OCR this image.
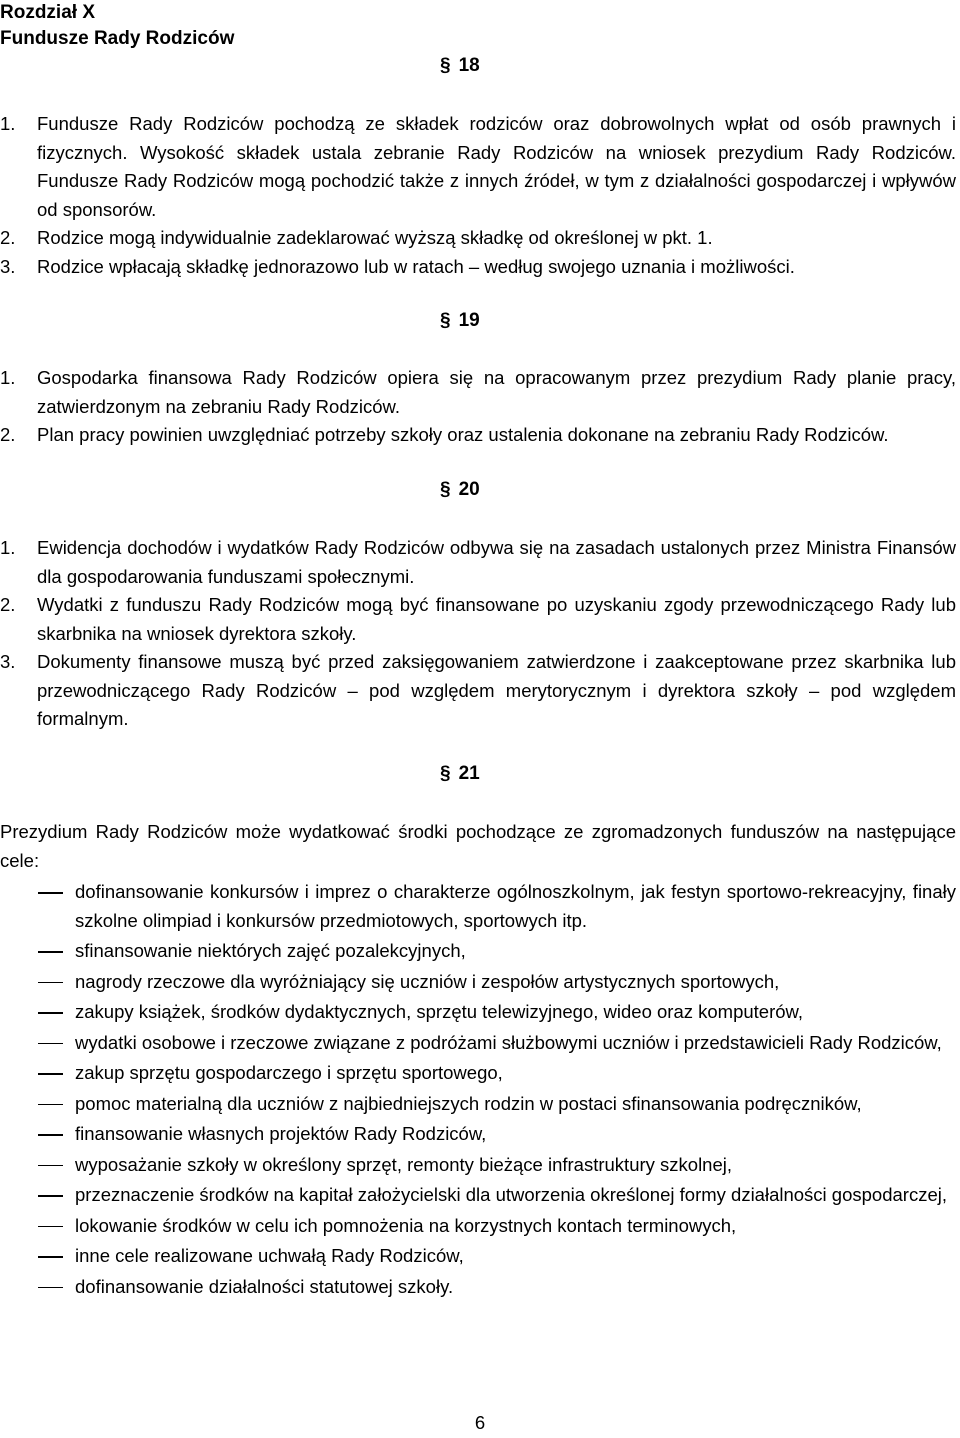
Rozdział X
Fundusze Rady Rodziców
§ 18
1.	Fundusze Rady Rodziców pochodzą ze składek rodziców oraz dobrowolnych wpłat od osób prawnych i fizycznych. Wysokość składek ustala zebranie Rady Rodziców na wniosek prezydium Rady Rodziców. Fundusze Rady Rodziców mogą pochodzić także z innych źródeł, w tym z działalności gospodarczej i wpływów od sponsorów.
2.	Rodzice mogą indywidualnie zadeklarować wyższą składkę od określonej w pkt. 1.
3.	Rodzice wpłacają składkę jednorazowo lub w ratach – według swojego uznania i możliwości.
§ 19
1.	Gospodarka finansowa Rady Rodziców opiera się na opracowanym przez prezydium Rady planie pracy, zatwierdzonym na zebraniu Rady Rodziców.
2.	Plan pracy powinien uwzględniać potrzeby szkoły oraz ustalenia dokonane na zebraniu Rady Rodziców.
§ 20
1.	Ewidencja dochodów i wydatków Rady Rodziców odbywa się na zasadach ustalonych przez Ministra Finansów dla gospodarowania funduszami społecznymi.
2.	Wydatki z funduszu Rady Rodziców mogą być finansowane po uzyskaniu zgody przewodniczącego Rady lub skarbnika na wniosek dyrektora szkoły.
3.	Dokumenty finansowe muszą być przed zaksięgowaniem zatwierdzone i zaakceptowane przez skarbnika lub przewodniczącego Rady Rodziców – pod względem merytorycznym i dyrektora szkoły – pod względem formalnym.
§ 21
Prezydium Rady Rodziców może wydatkować środki pochodzące ze zgromadzonych funduszów na następujące cele:
dofinansowanie konkursów i imprez o charakterze ogólnoszkolnym, jak festyn sportowo-rekreacyjny, finały szkolne olimpiad i konkursów przedmiotowych, sportowych itp.
sfinansowanie niektórych zajęć pozalekcyjnych,
nagrody rzeczowe dla wyróżniający się uczniów i zespołów artystycznych sportowych,
zakupy książek, środków dydaktycznych, sprzętu telewizyjnego, wideo oraz komputerów,
wydatki osobowe i rzeczowe związane z podróżami służbowymi uczniów i przedstawicieli Rady Rodziców,
zakup sprzętu gospodarczego i sprzętu sportowego,
pomoc materialną dla uczniów z najbiedniejszych rodzin w postaci sfinansowania podręczników,
finansowanie własnych projektów Rady Rodziców,
wyposażanie szkoły w określony sprzęt, remonty bieżące infrastruktury szkolnej,
przeznaczenie środków na kapitał założycielski dla utworzenia określonej formy działalności gospodarczej,
lokowanie środków w celu ich pomnożenia na korzystnych kontach terminowych,
inne cele realizowane uchwałą Rady Rodziców,
dofinansowanie działalności statutowej szkoły.
6
